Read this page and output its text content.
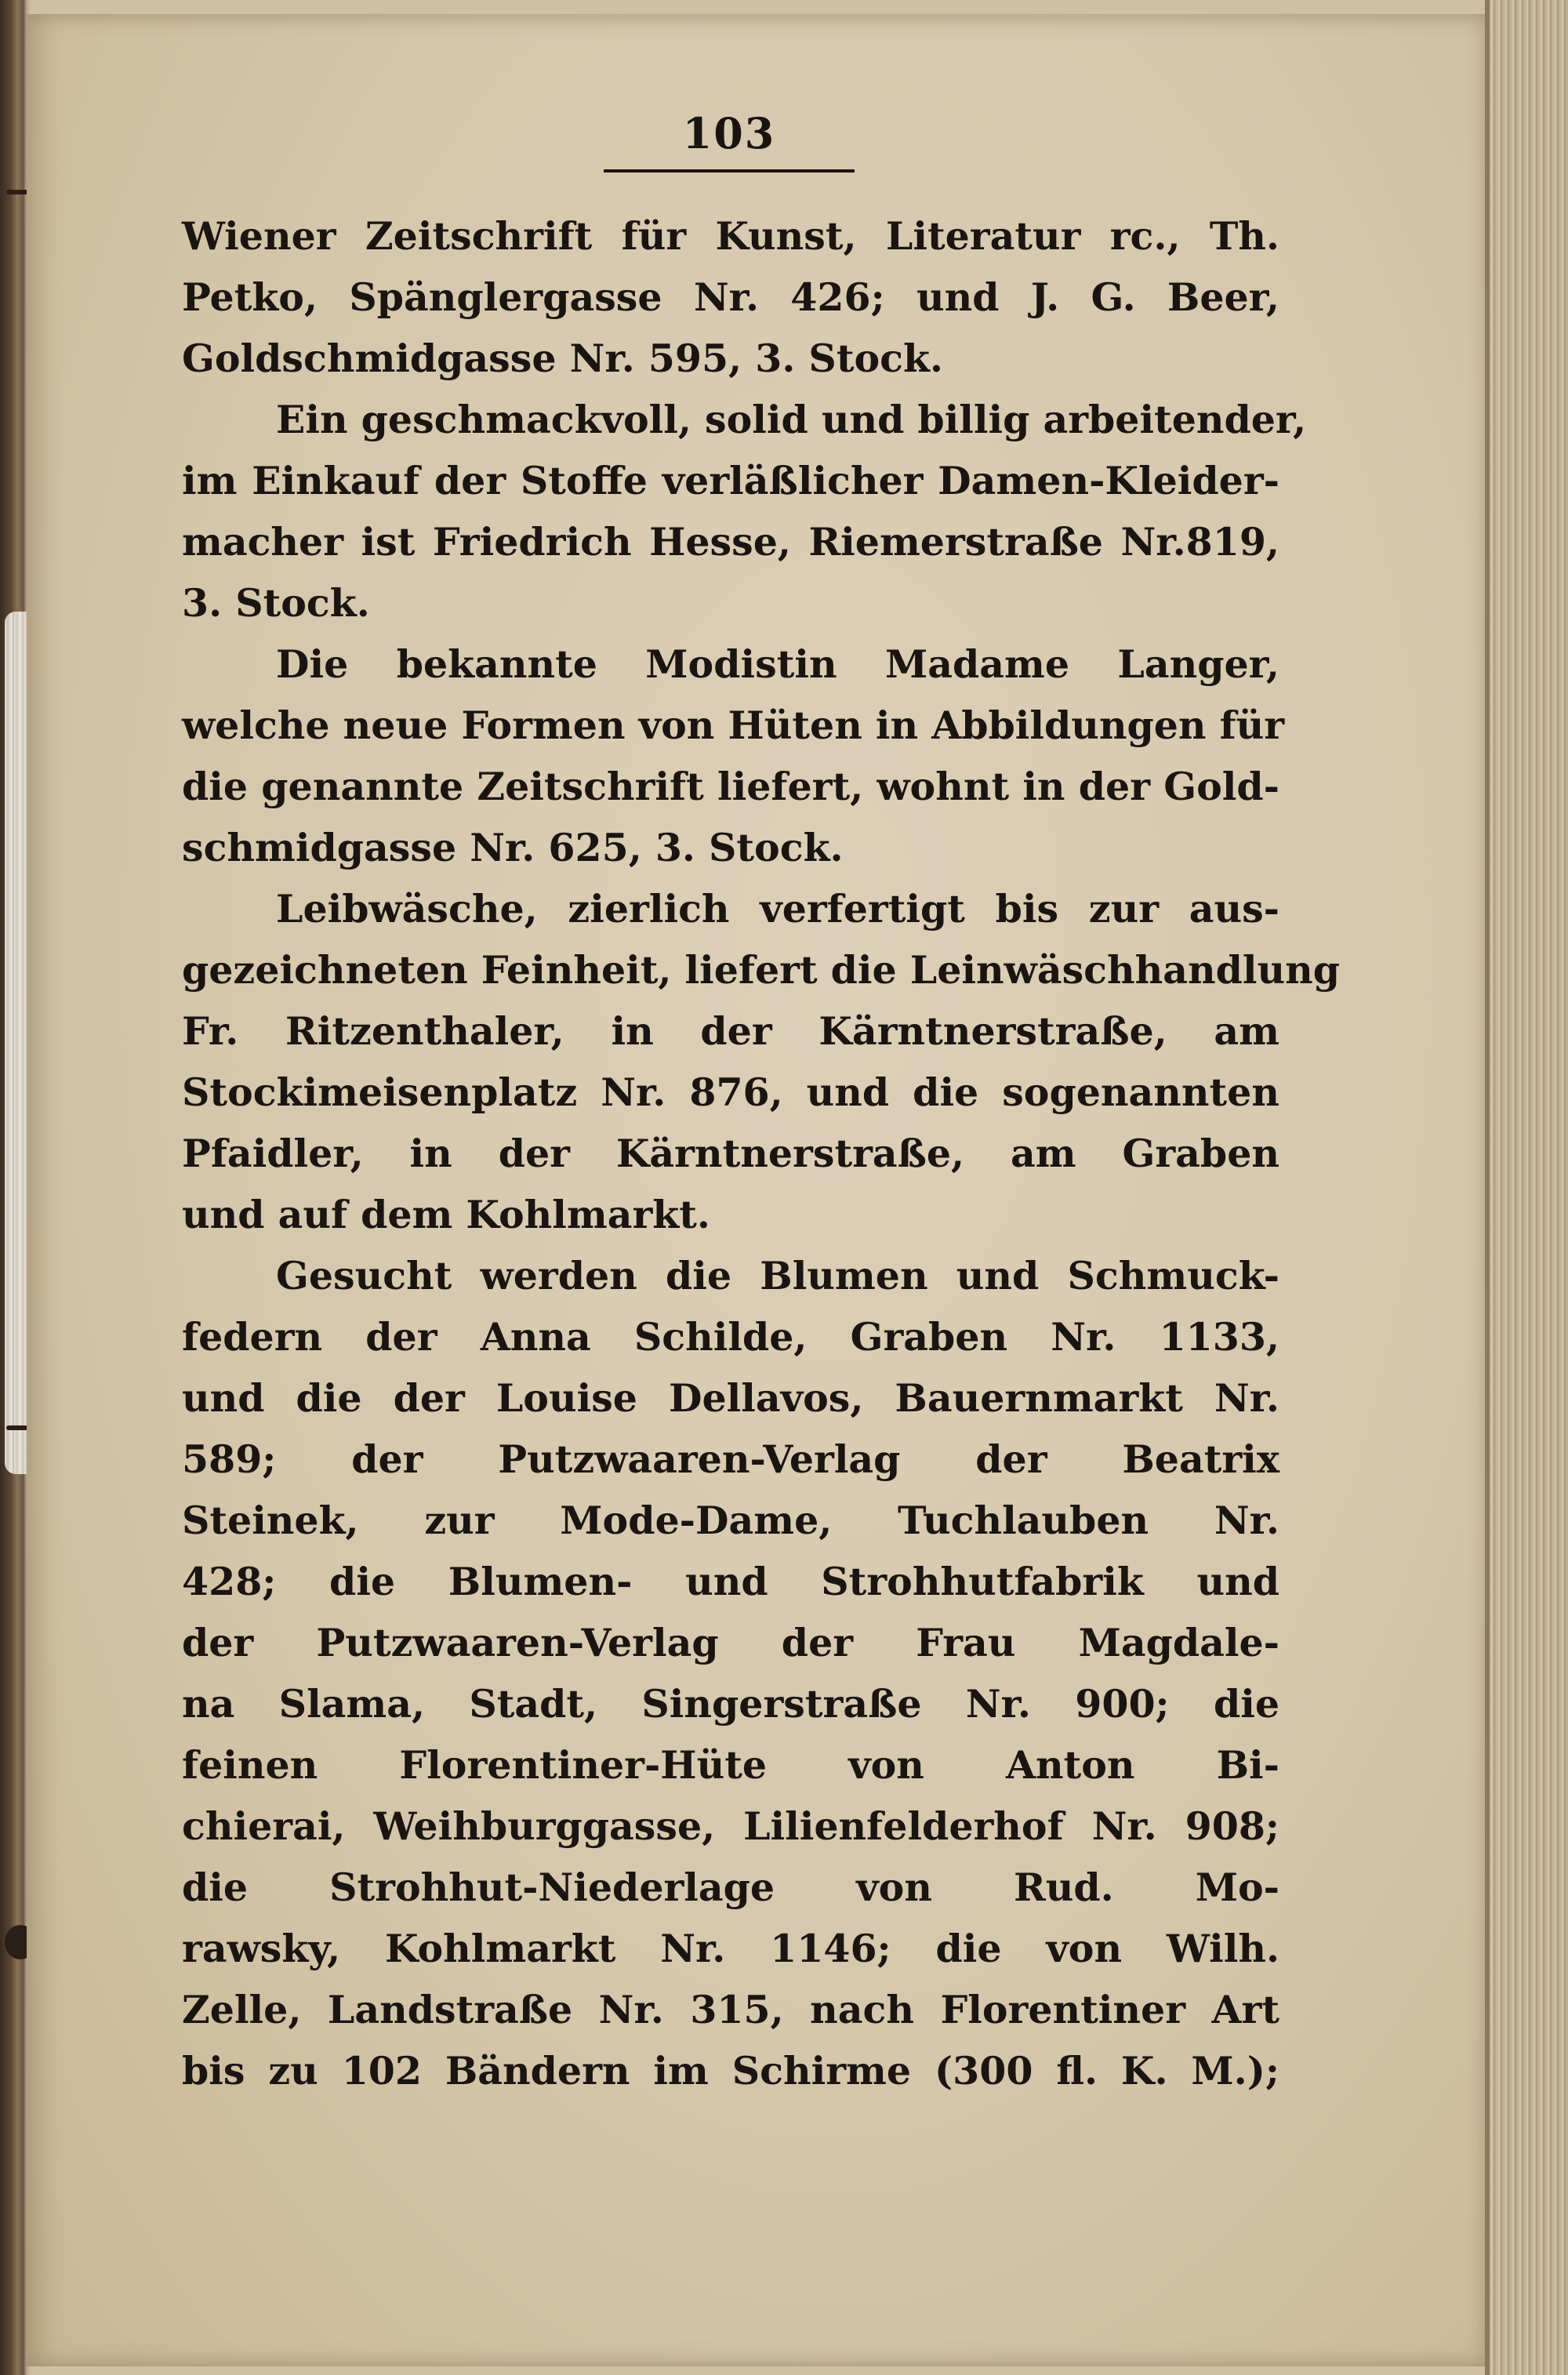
103
Wiener Zeitschrift für Kunst, Literatur rc., Th.
Petko, Spänglergasse Nr. 426; und J. G. Beer,
Goldschmidgasse Nr. 595, 3. Stock.
Ein geschmackvoll, solid und billig arbeitender,
im Einkauf der Stoffe verläßlicher Damen-Kleider-
macher ist Friedrich Hesse, Riemerstraße Nr.819,
3. Stock.
Die bekannte Modistin Madame Langer,
welche neue Formen von Hüten in Abbildungen für
die genannte Zeitschrift liefert, wohnt in der Gold-
schmidgasse Nr. 625, 3. Stock.
Leibwäsche, zierlich verfertigt bis zur aus-
gezeichneten Feinheit, liefert die Leinwäschhandlung
Fr. Ritzenthaler, in der Kärntnerstraße, am
Stockimeisenplatz Nr. 876, und die sogenannten
Pfaidler, in der Kärntnerstraße, am Graben
und auf dem Kohlmarkt.
Gesucht werden die Blumen und Schmuck-
federn der Anna Schilde, Graben Nr. 1133,
und die der Louise Dellavos, Bauernmarkt Nr.
589; der Putzwaaren-Verlag der Beatrix
Steinek, zur Mode-Dame, Tuchlauben Nr.
428; die Blumen- und Strohhutfabrik und
der Putzwaaren-Verlag der Frau Magdale-
na Slama, Stadt, Singerstraße Nr. 900; die
feinen Florentiner-Hüte von Anton Bi-
chierai, Weihburggasse, Lilienfelderhof Nr. 908;
die Strohhut-Niederlage von Rud. Mo-
rawsky, Kohlmarkt Nr. 1146; die von Wilh.
Zelle, Landstraße Nr. 315, nach Florentiner Art
bis zu 102 Bändern im Schirme (300 fl. K. M.);
